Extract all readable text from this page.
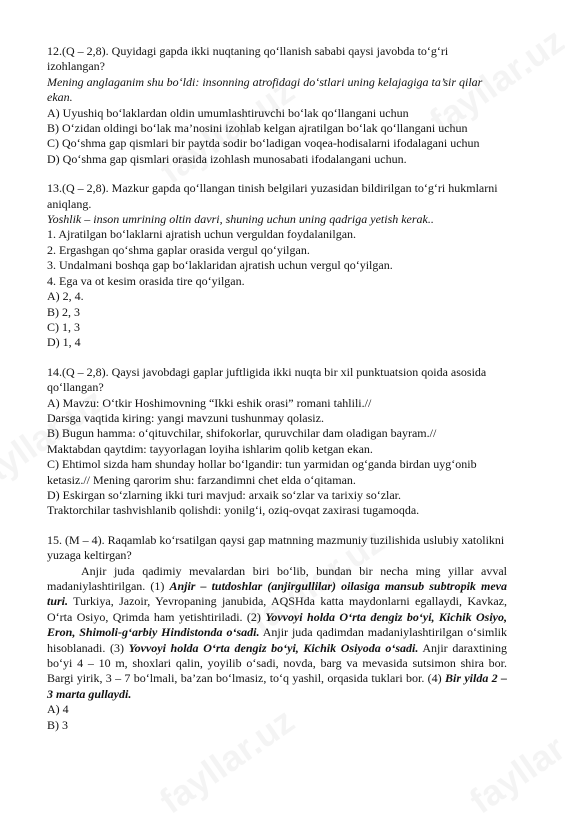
12.(Q – 2,8). Quyidagi gapda ikki nuqtaning qo‘llanish sababi qaysi javobda to‘g‘ri izohlangan?
Mening anglaganim shu bo‘ldi: insonning atrofidagi do‘stlari uning kelajagiga ta’sir qilar ekan.
A) Uyushiq bo‘laklardan oldin umumlashtiruvchi bo‘lak qo‘llangani uchun
B) O‘zidan oldingi bo‘lak ma’nosini izohlab kelgan ajratilgan bo‘lak qo‘llangani uchun
C) Qo‘shma gap qismlari bir paytda sodir bo‘ladigan voqea-hodisalarni ifodalagani uchun
D) Qo‘shma gap qismlari orasida izohlash munosabati ifodalangani uchun.
13.(Q – 2,8). Mazkur gapda qo‘llangan tinish belgilari yuzasidan bildirilgan to‘g‘ri hukmlarni aniqlang.
Yoshlik – inson umrining oltin davri, shuning uchun uning qadriga yetish kerak..
1. Ajratilgan bo‘laklarni ajratish uchun verguldan foydalanilgan.
2. Ergashgan qo‘shma gaplar orasida vergul qo‘yilgan.
3. Undalmani boshqa gap bo‘laklaridan ajratish uchun vergul qo‘yilgan.
4. Ega va ot kesim orasida tire qo‘yilgan.
A) 2, 4.
B) 2, 3
C) 1, 3
D) 1, 4
14.(Q – 2,8). Qaysi javobdagi gaplar juftligida ikki nuqta bir xil punktuatsion qoida asosida qo‘llangan?
A) Mavzu: O‘tkir Hoshimovning “Ikki eshik orasi” romani tahlili.//
Darsga vaqtida kiring: yangi mavzuni tushunmay qolasiz.
B) Bugun hamma: o‘qituvchilar, shifokorlar, quruvchilar dam oladigan bayram.//
Maktabdan qaytdim: tayyorlagan loyiha ishlarim qolib ketgan ekan.
C) Ehtimol sizda ham shunday hollar bo‘lgandir: tun yarmidan og‘ganda birdan uyg‘onib ketasiz.// Mening qarorim shu: farzandimni chet elda o‘qitaman.
D) Eskirgan so‘zlarning ikki turi mavjud: arxaik so‘zlar va tarixiy so‘zlar.
Traktorchilar tashvishlanib qolishdi: yonilg‘i, oziq-ovqat zaxirasi tugamoqda.
15. (M – 4). Raqamlab ko‘rsatilgan qaysi gap matnning mazmuniy tuzilishida uslubiy xatolikni yuzaga keltirgan?
Anjir juda qadimiy mevalardan biri bo‘lib, bundan bir necha ming yillar avval madaniylashtirilgan. (1) Anjir – tutdoshlar (anjirgullilar) oilasiga mansub subtropik meva turi. Turkiya, Jazoir, Yevropaning janubida, AQSHda katta maydonlarni egallaydi, Kavkaz, O‘rta Osiyo, Qrimda ham yetishtiriladi. (2) Yovvoyi holda O‘rta dengiz bo‘yi, Kichik Osiyo, Eron, Shimoli-g‘arbiy Hindistonda o‘sadi. Anjir juda qadimdan madaniylashtirilgan o‘simlik hisoblanadi. (3) Yovvoyi holda O‘rta dengiz bo‘yi, Kichik Osiyoda o‘sadi. Anjir daraxtining bo‘yi 4 – 10 m, shoxlari qalin, yoyilib o‘sadi, novda, barg va mevasida sutsimon shira bor. Bargi yirik, 3 – 7 bo‘lmali, ba’zan bo‘lmasiz, to‘q yashil, orqasida tuklari bor. (4) Bir yilda 2 – 3 marta gullaydi.
A) 4
B) 3
